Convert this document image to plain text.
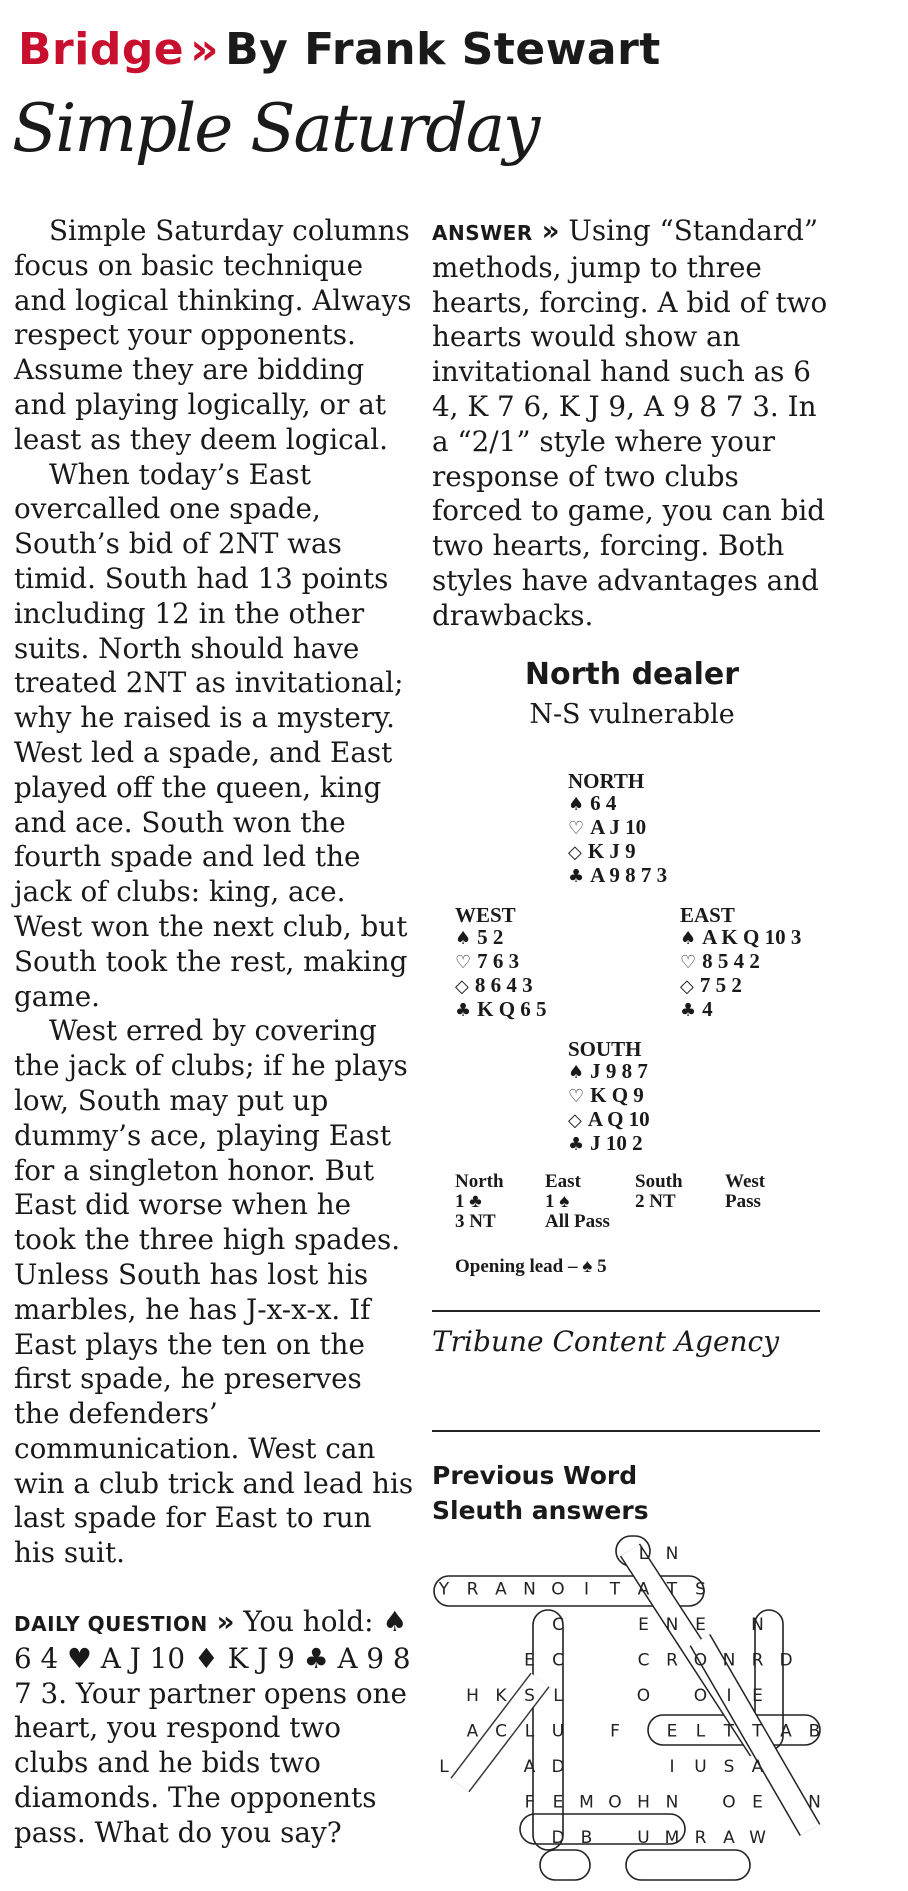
Bridge » By Frank Stewart
Simple Saturday

Simple Saturday columns focus on basic technique and logical thinking. Always respect your opponents. Assume they are bidding and playing logically, or at least as they deem logical.

When today’s East overcalled one spade, South’s bid of 2NT was timid. South had 13 points including 12 in the other suits. North should have treated 2NT as invitational; why he raised is a mystery. West led a spade, and East played off the queen, king and ace. South won the fourth spade and led the jack of clubs: king, ace. West won the next club, but South took the rest, making game.

West erred by covering the jack of clubs; if he plays low, South may put up dummy’s ace, playing East for a singleton honor. But East did worse when he took the three high spades. Unless South has lost his marbles, he has J-x-x-x. If East plays the ten on the first spade, he preserves the defenders’ communication. West can win a club trick and lead his last spade for East to run his suit.

DAILY QUESTION » You hold: ♠ 6 4 ♥ A J 10 ♦ K J 9 ♣ A 9 8 7 3. Your partner opens one heart, you respond two clubs and he bids two diamonds. The opponents pass. What do you say?

ANSWER » Using “Standard” methods, jump to three hearts, forcing. A bid of two hearts would show an invitational hand such as 6 4, K 7 6, K J 9, A 9 8 7 3. In a “2/1” style where your response of two clubs forced to game, you can bid two hearts, forcing. Both styles have advantages and drawbacks.

North dealer
N-S vulnerable
NORTH
♠ 6 4
♡ A J 10
◇ K J 9
♣ A 9 8 7 3
WEST
♠ 5 2
♡ 7 6 3
◇ 8 6 4 3
♣ K Q 6 5
EAST
♠ A K Q 10 3
♡ 8 5 4 2
◇ 7 5 2
♣ 4
SOUTH
♠ J 9 8 7
♡ K Q 9
◇ A Q 10
♣ J 10 2
North	East	South	West
1 ♣	1 ♠	2 NT	Pass
3 NT	All Pass		
Opening lead – ♠ 5
Tribune Content Agency
Previous Word
Sleuth answers
L N
Y R A N O I T A T S
C	E N E	N
E C	C R O N R D
H K S L	O	O I E
A C L U	F	E L T T A B
L	A D	I U S A
F E M O H N	O E	N
D B	U M R A W
